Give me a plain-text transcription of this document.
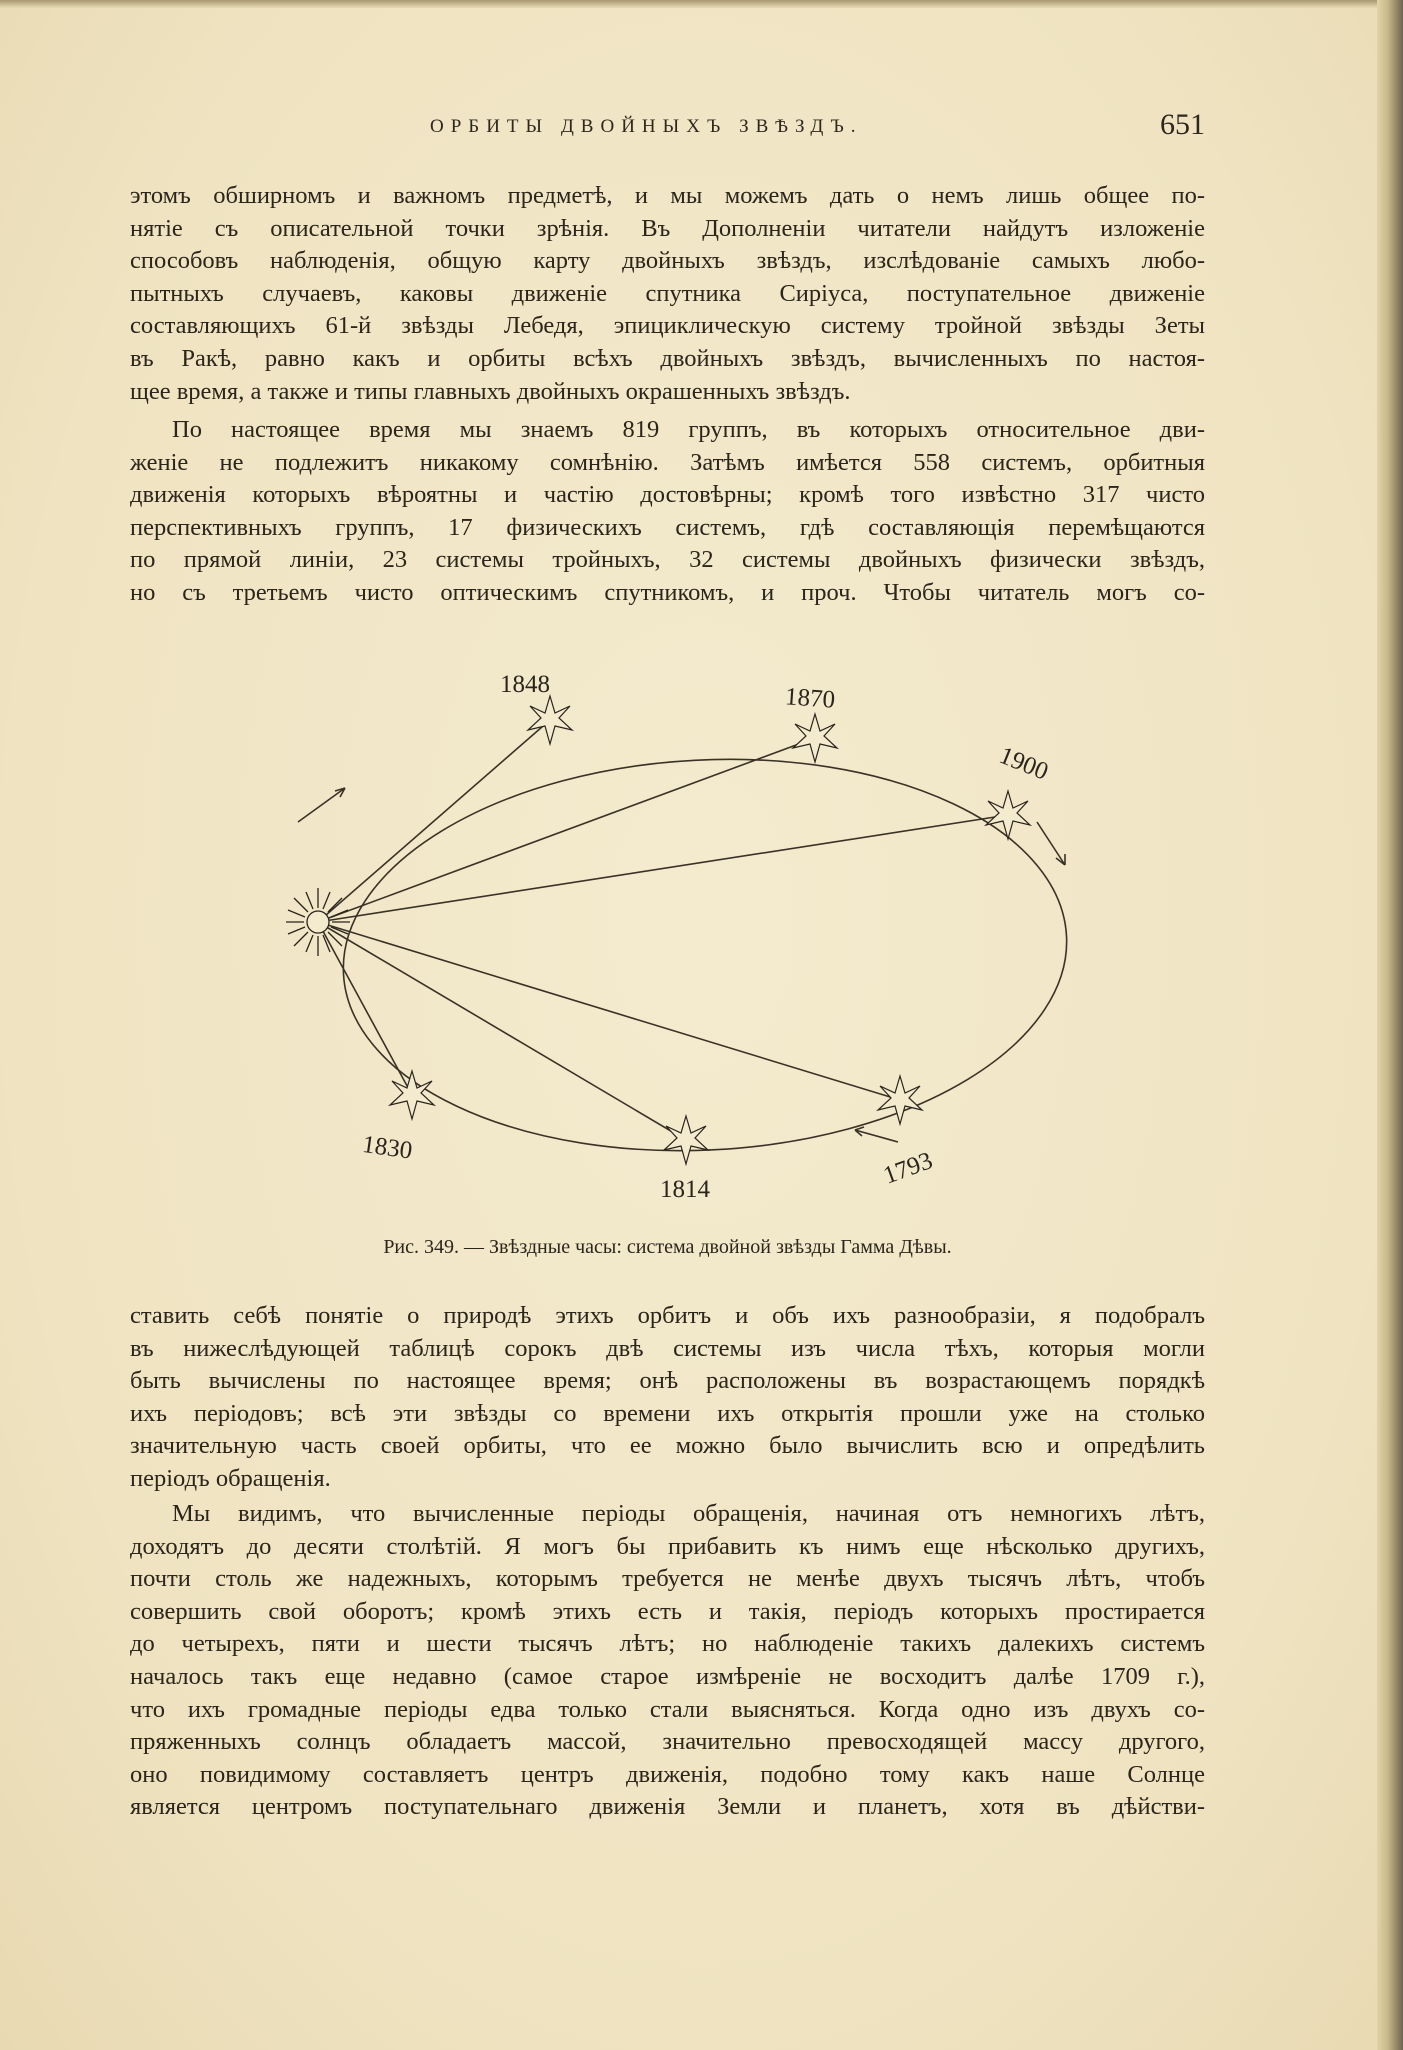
ОРБИТЫ ДВОЙНЫХЪ ЗВѢЗДЪ.	651
этомъ обширномъ и важномъ предметѣ, и мы можемъ дать о немъ лишь общее по-
нятіе съ описательной точки зрѣнія. Въ Дополненіи читатели найдутъ изложеніе
способовъ наблюденія, общую карту двойныхъ звѣздъ, изслѣдованіе самыхъ любо-
пытныхъ случаевъ, каковы движеніе спутника Сиріуса, поступательное движеніе
составляющихъ 61-й звѣзды Лебедя, эпициклическую систему тройной звѣзды Зеты
въ Ракѣ, равно какъ и орбиты всѣхъ двойныхъ звѣздъ, вычисленныхъ по настоя-
щее время, а также и типы главныхъ двойныхъ окрашенныхъ звѣздъ.
По настоящее время мы знаемъ 819 группъ, въ которыхъ относительное дви-
женіе не подлежитъ никакому сомнѣнію. Затѣмъ имѣется 558 системъ, орбитныя
движенія которыхъ вѣроятны и частію достовѣрны; кромѣ того извѣстно 317 чисто
перспективныхъ группъ, 17 физическихъ системъ, гдѣ составляющія перемѣщаются
по прямой линіи, 23 системы тройныхъ, 32 системы двойныхъ физически звѣздъ,
но съ третьемъ чисто оптическимъ спутникомъ, и проч. Чтобы читатель могъ со-
1848	1870
1900
1830
1814	1793
Рис. 349. — Звѣздные часы: система двойной звѣзды Гамма Дѣвы.
ставить себѣ понятіе о природѣ этихъ орбитъ и объ ихъ разнообразіи, я подобралъ
въ нижеслѣдующей таблицѣ сорокъ двѣ системы изъ числа тѣхъ, которыя могли
быть вычислены по настоящее время; онѣ расположены въ возрастающемъ порядкѣ
ихъ періодовъ; всѣ эти звѣзды со времени ихъ открытія прошли уже на столько
значительную часть своей орбиты, что ее можно было вычислить всю и опредѣлить
періодъ обращенія.
Мы видимъ, что вычисленные періоды обращенія, начиная отъ немногихъ лѣтъ,
доходятъ до десяти столѣтій. Я могъ бы прибавить къ нимъ еще нѣсколько другихъ,
почти столь же надежныхъ, которымъ требуется не менѣе двухъ тысячъ лѣтъ, чтобъ
совершить свой оборотъ; кромѣ этихъ есть и такія, періодъ которыхъ простирается
до четырехъ, пяти и шести тысячъ лѣтъ; но наблюденіе такихъ далекихъ системъ
началось такъ еще недавно (самое старое измѣреніе не восходитъ далѣе 1709 г.),
что ихъ громадные періоды едва только стали выясняться. Когда одно изъ двухъ со-
пряженныхъ солнцъ обладаетъ массой, значительно превосходящей массу другого,
оно повидимому составляетъ центръ движенія, подобно тому какъ наше Солнце
является центромъ поступательнаго движенія Земли и планетъ, хотя въ дѣйстви-
